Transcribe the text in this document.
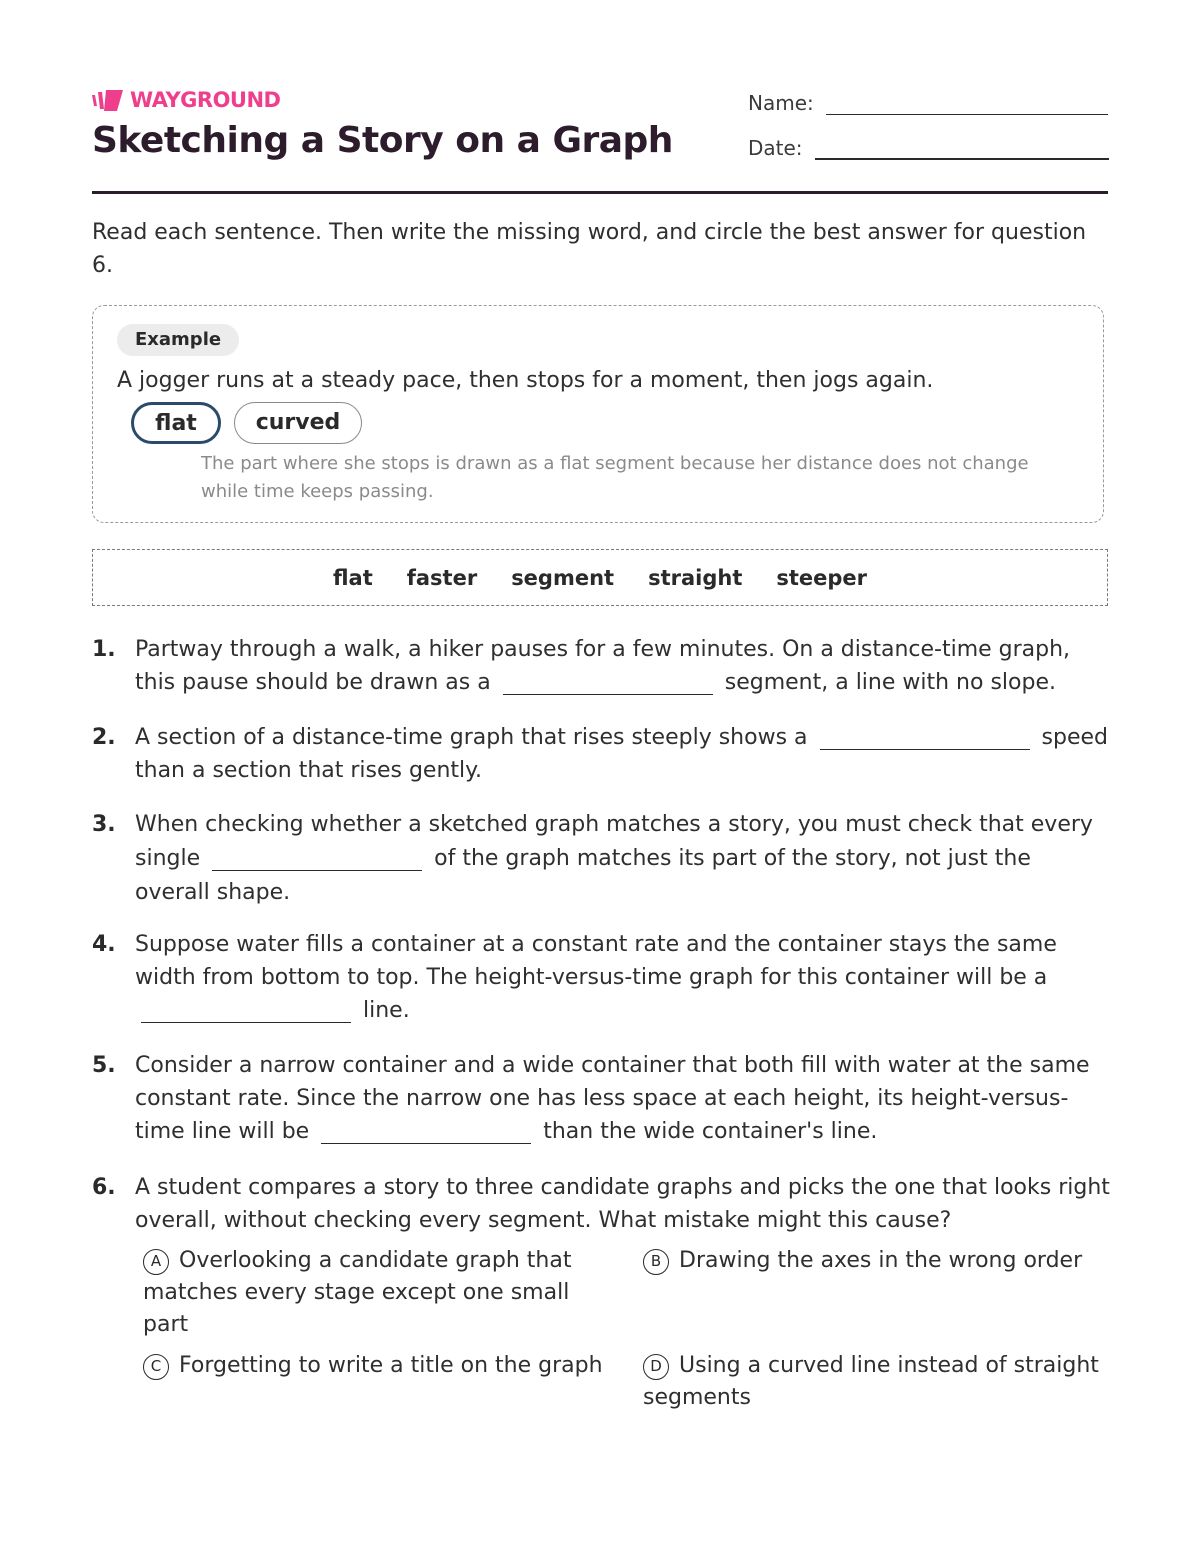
WAYGROUND
Sketching a Story on a Graph
Name:
Date:

Read each sentence. Then write the missing word, and circle the best answer for question 6.

Example

A jogger runs at a steady pace, then stops for a moment, then jogs again.

flat	curved

The part where she stops is drawn as a flat segment because her distance does not change while time keeps passing.

flat faster segment straight steeper
1. Partway through a walk, a hiker pauses for a few minutes. On a distance-time graph, this pause should be drawn as a	segment, a line with no slope.

2. A section of a distance-time graph that rises steeply shows a	speed than a section that rises gently.

3. When checking whether a sketched graph matches a story, you must check that every single	of the graph matches its part of the story, not just the overall shape.

4. Suppose water fills a container at a constant rate and the container stays the same width from bottom to top. The height-versus-time graph for this container will be aline.

5. Consider a narrow container and a wide container that both fill with water at the same constant rate. Since the narrow one has less space at each height, its height-versus-time line will be	than the wide container's line.

6. A student compares a story to three candidate graphs and picks the one that looks right overall, without checking every segment. What mistake might this cause?

A Overlooking a candidate graph that matches every stage except one small part

B Drawing the axes in the wrong order

C Forgetting to write a title on the graph	D Using a curved line instead of straight segments
